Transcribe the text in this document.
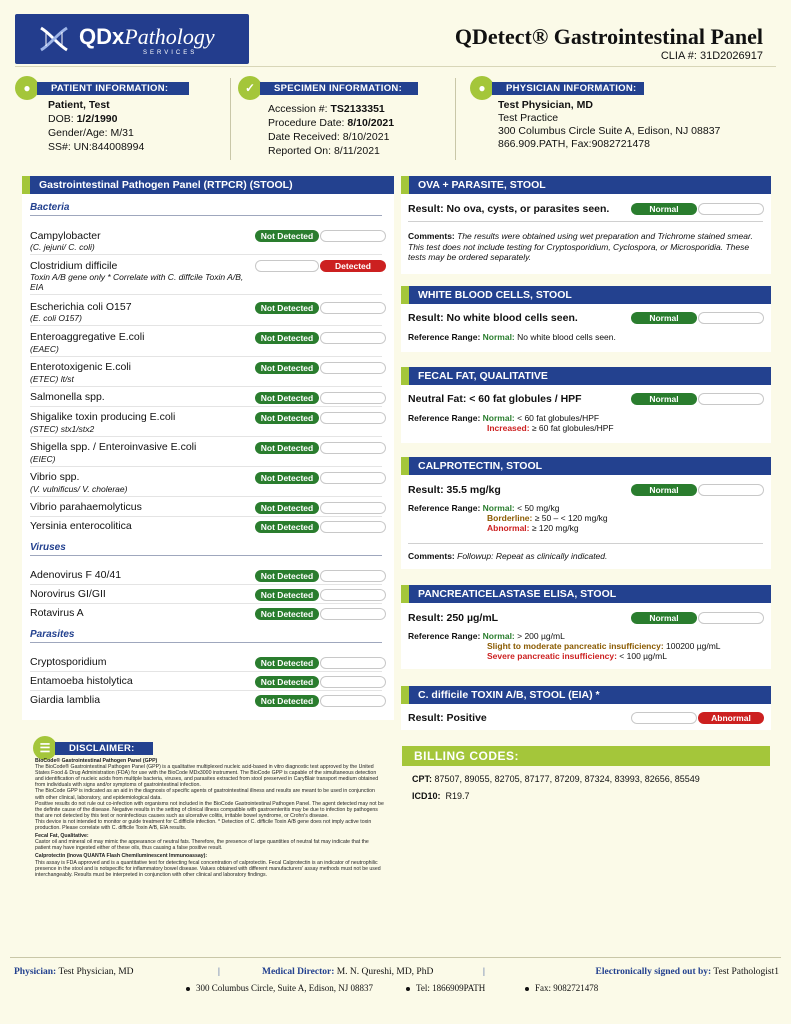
QDxPathology
SERVICES
QDetect® Gastrointestinal Panel
CLIA #: 31D2026917
●	PATIENT INFORMATION:
Patient, Test
DOB: 1/2/1990
Gender/Age: M/31
SS#: UN:844008994
✓	SPECIMEN INFORMATION:
Accession #: TS2133351
Procedure Date: 8/10/2021
Date Received: 8/10/2021
Reported On: 8/11/2021
●	PHYSICIAN INFORMATION:
Test Physician, MD
Test Practice
300 Columbus Circle Suite A, Edison, NJ 08837
866.909.PATH, Fax:9082721478
Gastrointestinal Pathogen Panel (RTPCR) (STOOL)
Bacteria
Campylobacter
(C. jejuni/ C. coli)
Not Detected
Clostridium difficile
Toxin A/B gene only * Correlate with C. diffcile Toxin A/B, EIA
Detected
Escherichia coli O157
(E. coli O157)
Not Detected
Enteroaggregative E.coli
(EAEC)
Not Detected
Enterotoxigenic E.coli
(ETEC) lt/st
Not Detected
Salmonella spp.	Not Detected
Shigalike toxin producing E.coli
(STEC) stx1/stx2
Not Detected
Shigella spp. / Enteroinvasive E.coli
(EIEC)
Not Detected
Vibrio spp.
(V. vulnificus/ V. cholerae)
Not Detected
Vibrio parahaemolyticus	Not Detected
Yersinia enterocolitica	Not Detected
Viruses
Adenovirus F 40/41	Not Detected
Norovirus GI/GII	Not Detected
Rotavirus A	Not Detected
Parasites
Cryptosporidium	Not Detected
Entamoeba histolytica	Not Detected
Giardia lamblia	Not Detected
OVA + PARASITE, STOOL
Result: No ova, cysts, or parasites seen.	Normal
Comments: The results were obtained using wet preparation and Trichrome stained smear. This test does not include testing for Cryptosporidium, Cyclospora, or Microsporidia. These tests may be ordered separately.
WHITE BLOOD CELLS, STOOL
Result: No white blood cells seen.	Normal
Reference Range: Normal: No white blood cells seen.
FECAL FAT, QUALITATIVE
Neutral Fat: < 60 fat globules / HPF	Normal
Reference Range: Normal: < 60 fat globules/HPF
Increased: ≥ 60 fat globules/HPF
CALPROTECTIN, STOOL
Result: 35.5 mg/kg	Normal
Reference Range: Normal: < 50 mg/kg
Borderline: ≥ 50 – < 120 mg/kg
Abnormal: ≥ 120 mg/kg
Comments: Followup: Repeat as clinically indicated.
PANCREATICELASTASE ELISA, STOOL
Result: 250 µg/mL	Normal
Reference Range: Normal: > 200 µg/mL
Slight to moderate pancreatic insufficiency: 100200 µg/mL
Severe pancreatic insufficiency: < 100 µg/mL
C. difficile TOXIN A/B, STOOL (EIA) *
Result: Positive	Abnormal
BILLING CODES:
CPT: 87507, 89055, 82705, 87177, 87209, 87324, 83993, 82656, 85549
ICD10: R19.7
☰	DISCLAIMER:

BioCode® Gastrointestinal Pathogen Panel (GPP)

The BioCode® Gastrointestinal Pathogen Panel (GPP) is a qualitative multiplexed nucleic acid-based in vitro diagnostic test approved by the United States Food & Drug Administration (FDA) for use with the BioCode MDx3000 instrument. The BioCode GPP is capable of the simultaneous detection and identification of nucleic acids from multiple bacteria, viruses, and parasites extracted from stool preserved in CaryBlair transport medium obtained from individuals with signs and/or symptoms of gastrointestinal infection.

The BioCode GPP is indicated as an aid in the diagnosis of specific agents of gastrointestinal illness and results are meant to be used in conjunction with other clinical, laboratory, and epidemiological data.

Positive results do not rule out co-infection with organisms not included in the BioCode Gastrointestinal Pathogen Panel. The agent detected may not be the definite cause of the disease. Negative results in the setting of clinical illness compatible with gastroenteritis may be due to infection by pathogens that are not detected by this test or noninfectious causes such as ulcerative colitis, irritable bowel syndrome, or Crohn's disease.

This device is not intended to monitor or guide treatment for C.difficile infection. * Detection of C. difficile Toxin A/B gene does not imply active toxin production. Please correlate with C. difficile Toxin A/B, EIA results.

Fecal Fat, Qualitative:

Castor oil and mineral oil may mimic the appearance of neutral fats. Therefore, the presence of large quantities of neutral fat may indicate that the patient may have ingested either of these oils, thus causing a false positive result.

Calprotectin (Inova QUANTA Flash Chemiluminescent Immunoassay):

This assay is FDA approved and is a quantitative test for detecting fecal concentration of calprotectin. Fecal Calprotectin is an indicator of neutrophilic presence in the stool and is notspecific for inflammatory bowel disease. Values obtained with different manufacturers' assay methods must not be used interchangeably. Results must be interpreted in conjunction with other clinical and laboratory findings.

Physician: Test Physician, MD	|	Medical Director: M. N. Qureshi, MD, PhD	|	Electronically signed out by: Test Pathologist1
300 Columbus Circle, Suite A, Edison, NJ 08837	Tel: 1866909PATH	Fax: 9082721478
